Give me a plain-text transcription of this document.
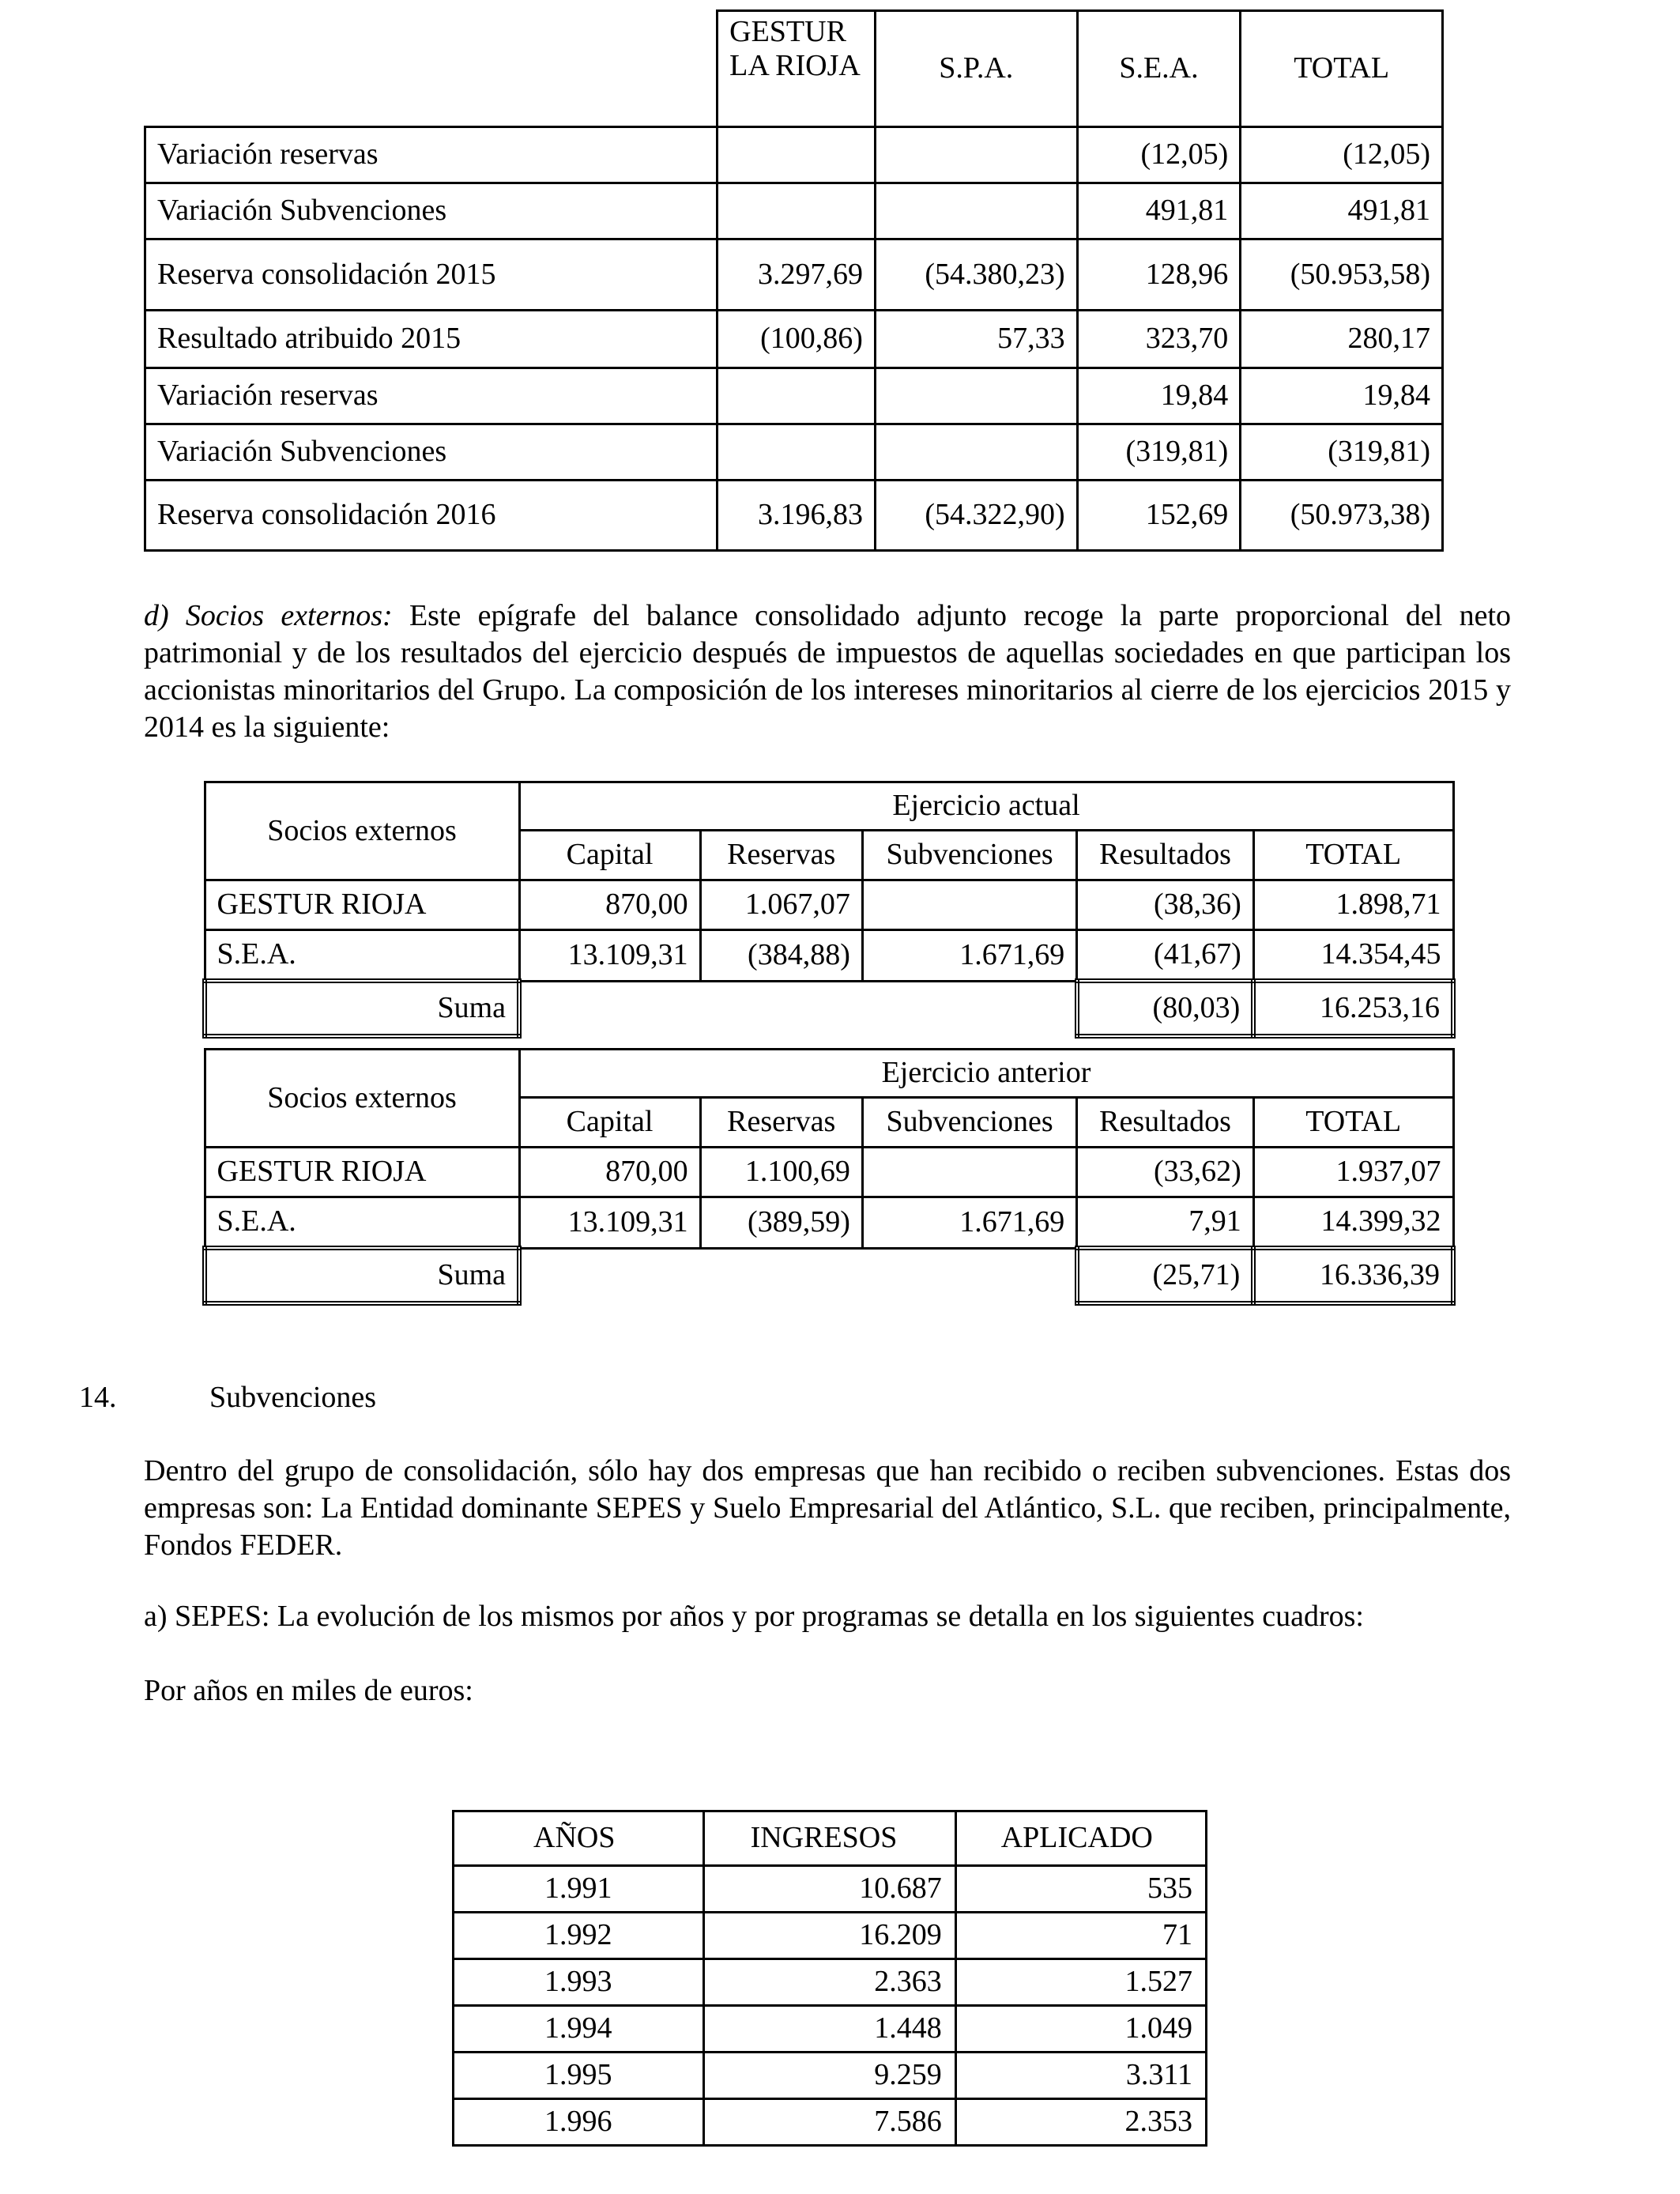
	GESTUR LA RIOJA	S.P.A.	S.E.A.	TOTAL
Variación reservas			(12,05)	(12,05)
Variación Subvenciones			491,81	491,81
Reserva consolidación 2015	3.297,69	(54.380,23)	128,96	(50.953,58)
Resultado atribuido 2015	(100,86)	57,33	323,70	280,17
Variación reservas			19,84	19,84
Variación Subvenciones			(319,81)	(319,81)
Reserva consolidación 2016	3.196,83	(54.322,90)	152,69	(50.973,38)
d) Socios externos: Este epígrafe del balance consolidado adjunto recoge la parte proporcional del neto patrimonial y de los resultados del ejercicio después de impuestos de aquellas sociedades en que participan los accionistas minoritarios del Grupo. La composición de los intereses minoritarios al cierre de los ejercicios 2015 y 2014 es la siguiente:
Socios externos	Ejercicio actual				
	Capital	Reservas	Subvenciones	Resultados	TOTAL
GESTUR RIOJA	870,00	1.067,07		(38,36)	1.898,71
S.E.A.	13.109,31	(384,88)	1.671,69	(41,67)	14.354,45
Suma				(80,03)	16.253,16
Socios externos	Ejercicio anterior				
	Capital	Reservas	Subvenciones	Resultados	TOTAL
GESTUR RIOJA	870,00	1.100,69		(33,62)	1.937,07
S.E.A.	13.109,31	(389,59)	1.671,69	7,91	14.399,32
Suma				(25,71)	16.336,39
14.	Subvenciones
Dentro del grupo de consolidación, sólo hay dos empresas que han recibido o reciben subvenciones. Estas dos empresas son: La Entidad dominante SEPES y Suelo Empresarial del Atlántico, S.L. que reciben, principalmente, Fondos FEDER.
a) SEPES: La evolución de los mismos por años y por programas se detalla en los siguientes cuadros:
Por años en miles de euros:
AÑOS	INGRESOS	APLICADO
1.991	10.687	535
1.992	16.209	71
1.993	2.363	1.527
1.994	1.448	1.049
1.995	9.259	3.311
1.996	7.586	2.353
